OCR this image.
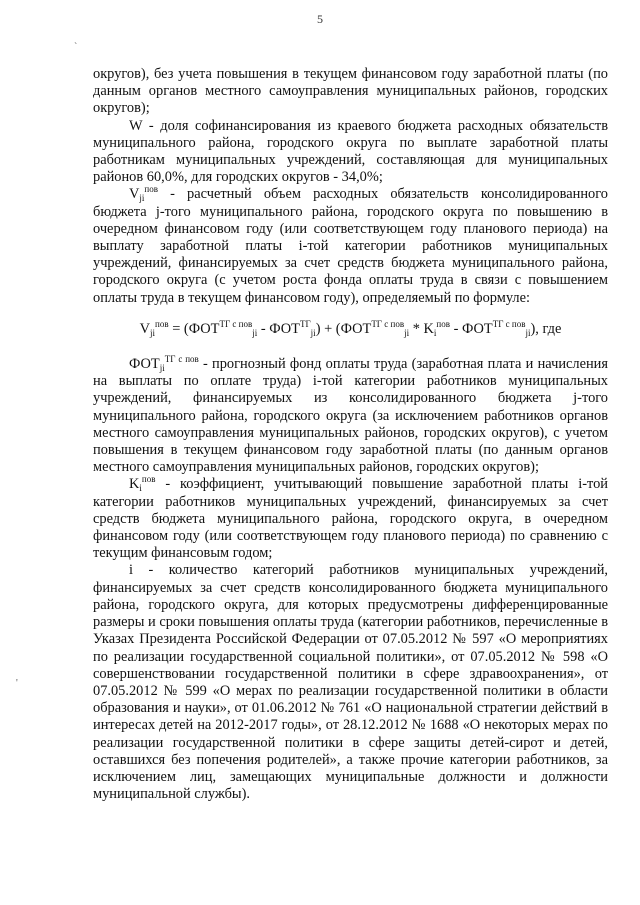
5
`
'

округов), без учета повышения в текущем финансовом году заработной платы (по данным органов местного самоуправления муниципальных районов, городских округов);

W - доля софинансирования из краевого бюджета расходных обязательств муниципального района, городского округа по выплате заработной платы работникам муниципальных учреждений, составляющая для муниципальных районов 60,0%, для городских округов - 34,0%;

$V_{ji}^{пов}$ - расчетный объем расходных обязательств консолидированного бюджета j-того муниципального района, городского округа по повышению в очередном финансовом году (или соответствующем году планового периода) на выплату заработной платы i-той категории работников муниципальных учреждений, финансируемых за счет средств бюджета муниципального района, городского округа (с учетом роста фонда оплаты труда в связи с повышением оплаты труда в текущем финансовом году), определяемый по формуле:

$V_{ji}^{пов} = (ФОТ^{ТГ с пов}_{ji} - ФОТ^{ТГ}_{ji}) + (ФОТ^{ТГ с пов}_{ji} * K_i^{пов} - ФОТ^{ТГ с пов}_{ji})$, где

$ФОТ_{ji}^{ТГ с пов}$ - прогнозный фонд оплаты труда (заработная плата и начисления на выплаты по оплате труда) i-той категории работников муниципальных учреждений, финансируемых из консолидированного бюджета j-того муниципального района, городского округа (за исключением работников органов местного самоуправления муниципальных районов, городских округов), с учетом повышения в текущем финансовом году заработной платы (по данным органов местного самоуправления муниципальных районов, городских округов);

$K_i^{пов}$ - коэффициент, учитывающий повышение заработной платы i-той категории работников муниципальных учреждений, финансируемых за счет средств бюджета муниципального района, городского округа, в очередном финансовом году (или соответствующем году планового периода) по сравнению с текущим финансовым годом;

i - количество категорий работников муниципальных учреждений, финансируемых за счет средств консолидированного бюджета муниципального района, городского округа, для которых предусмотрены дифференцированные размеры и сроки повышения оплаты труда (категории работников, перечисленные в Указах Президента Российской Федерации от 07.05.2012 № 597 «О мероприятиях по реализации государственной социальной политики», от 07.05.2012 № 598 «О совершенствовании государственной политики в сфере здравоохранения», от 07.05.2012 № 599 «О мерах по реализации государственной политики в области образования и науки», от 01.06.2012 № 761 «О национальной стратегии действий в интересах детей на 2012-2017 годы», от 28.12.2012 № 1688 «О некоторых мерах по реализации государственной политики в сфере защиты детей-сирот и детей, оставшихся без попечения родителей», а также прочие категории работников, за исключением лиц, замещающих муниципальные должности и должности муниципальной службы).
